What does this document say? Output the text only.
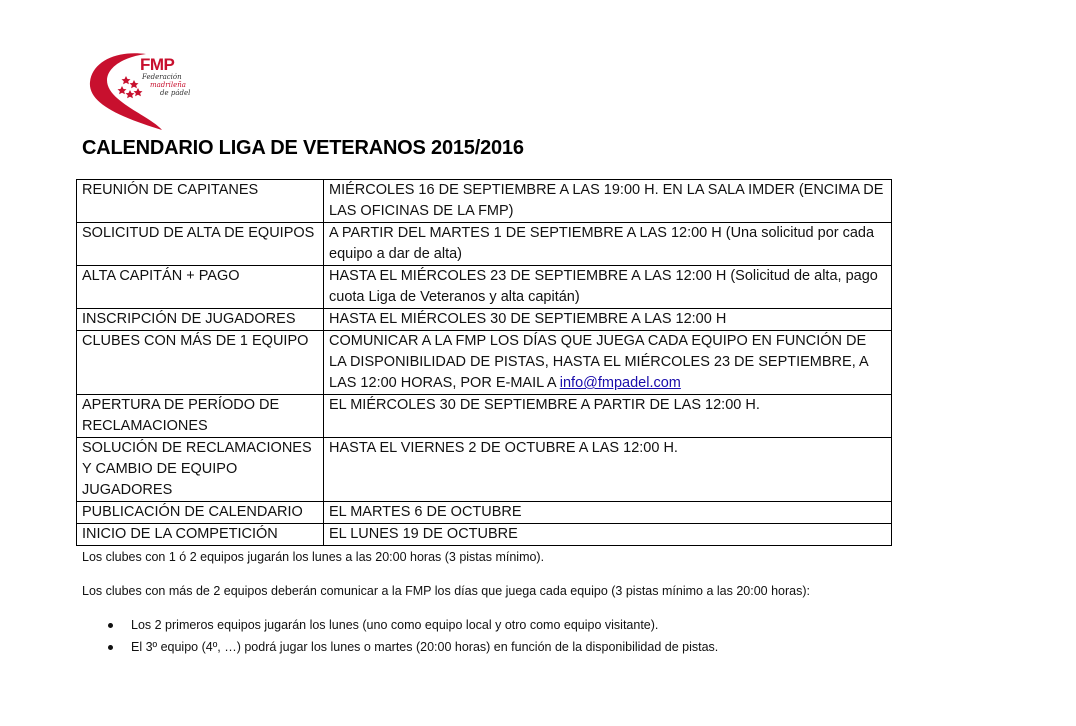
FMP
Federación
madrileña
de pádel
CALENDARIO LIGA DE VETERANOS 2015/2016
REUNIÓN DE CAPITANES	MIÉRCOLES 16 DE SEPTIEMBRE A LAS 19:00 H. EN LA SALA IMDER (ENCIMA DE LAS OFICINAS DE LA FMP)
SOLICITUD DE ALTA DE EQUIPOS	A PARTIR DEL MARTES 1 DE SEPTIEMBRE A LAS 12:00 H (Una solicitud por cada equipo a dar de alta)
ALTA CAPITÁN + PAGO	HASTA EL MIÉRCOLES 23 DE SEPTIEMBRE A LAS 12:00 H (Solicitud de alta, pago cuota Liga de Veteranos y alta capitán)
INSCRIPCIÓN DE JUGADORES	HASTA EL MIÉRCOLES 30 DE SEPTIEMBRE A LAS 12:00 H
CLUBES CON MÁS DE 1 EQUIPO	COMUNICAR A LA FMP LOS DÍAS QUE JUEGA CADA EQUIPO EN FUNCIÓN DE LA DISPONIBILIDAD DE PISTAS, HASTA EL MIÉRCOLES 23 DE SEPTIEMBRE, A LAS 12:00 HORAS, POR E-MAIL A info@fmpadel.com
APERTURA DE PERÍODO DE RECLAMACIONES	EL MIÉRCOLES 30 DE SEPTIEMBRE A PARTIR DE LAS 12:00 H.
SOLUCIÓN DE RECLAMACIONES Y CAMBIO DE EQUIPO JUGADORES	HASTA EL VIERNES 2 DE OCTUBRE A LAS 12:00 H.
PUBLICACIÓN DE CALENDARIO	EL MARTES 6 DE OCTUBRE
INICIO DE LA COMPETICIÓN	EL LUNES 19 DE OCTUBRE
Los clubes con 1 ó 2 equipos jugarán los lunes a las 20:00 horas (3 pistas mínimo).
Los clubes con más de 2 equipos deberán comunicar a la FMP los días que juega cada equipo (3 pistas mínimo a las 20:00 horas):
Los 2 primeros equipos jugarán los lunes (uno como equipo local y otro como equipo visitante).
El 3º equipo (4º, …) podrá jugar los lunes o martes (20:00 horas) en función de la disponibilidad de pistas.
